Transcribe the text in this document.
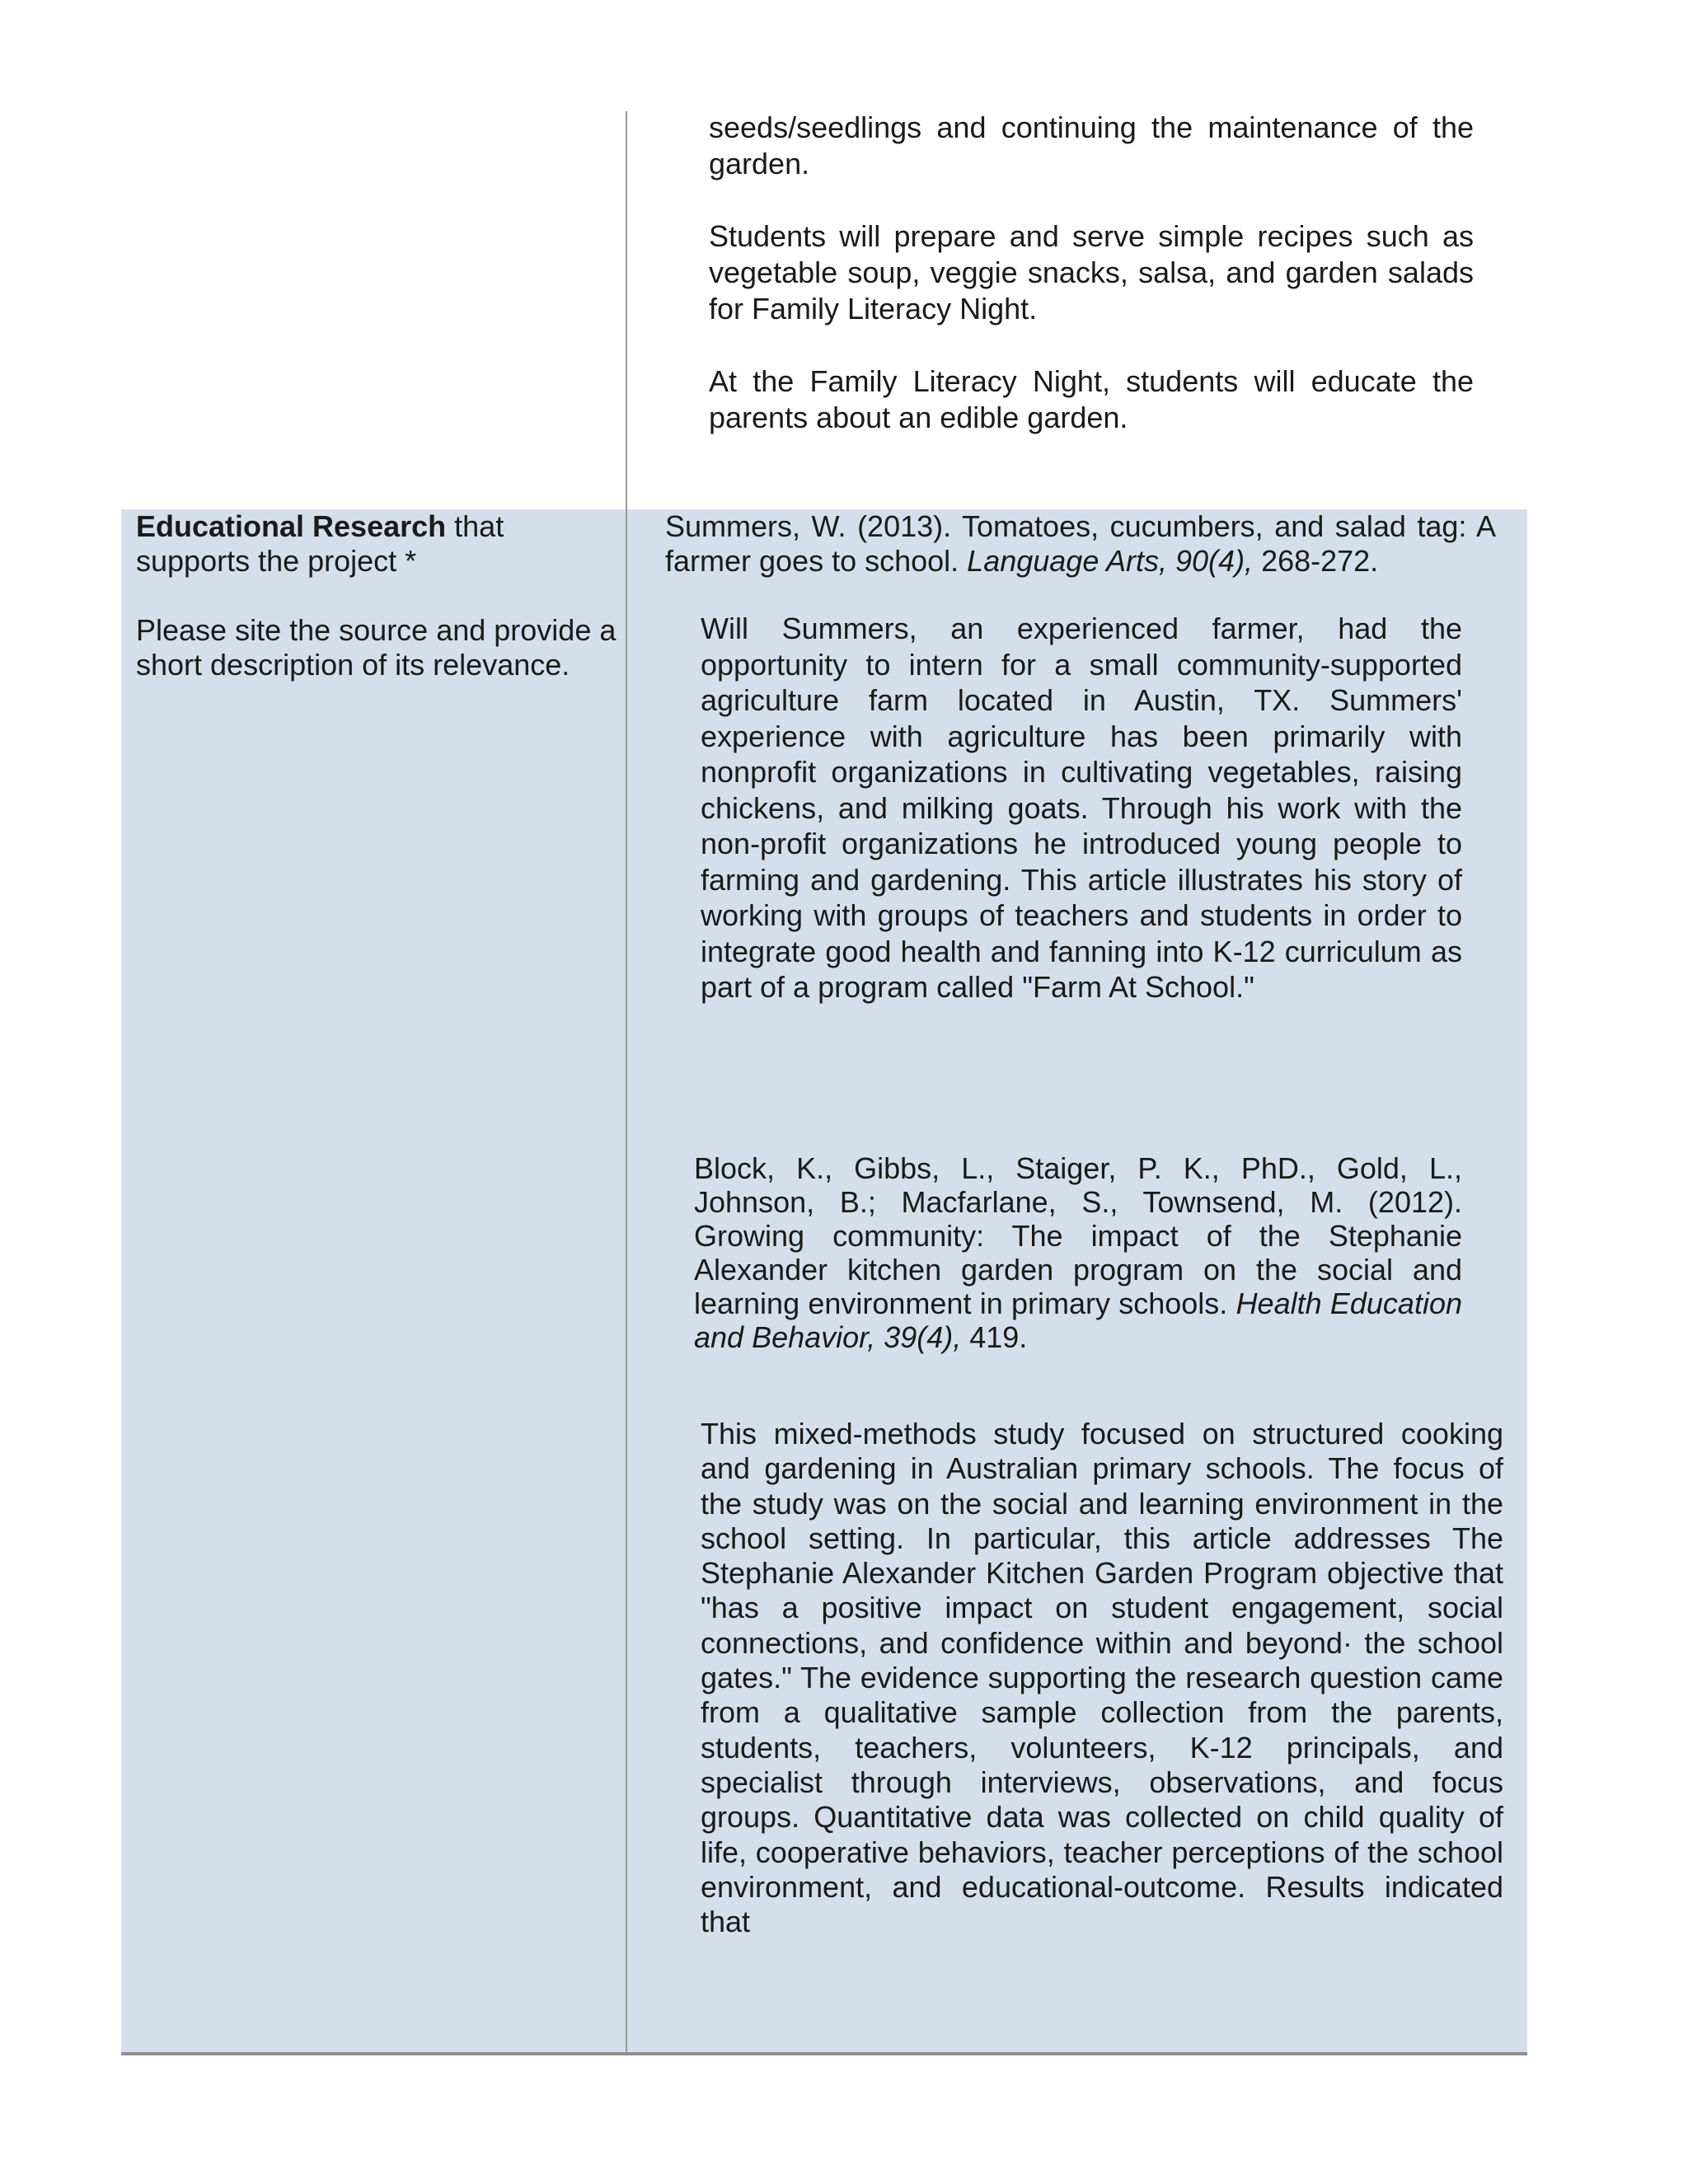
seeds/seedlings and continuing the maintenance of the garden.

Students will prepare and serve simple recipes such as vegetable soup, veggie snacks, salsa, and garden salads for Family Literacy Night.

At the Family Literacy Night, students will educate the parents about an edible garden.

Educational Research that supports the project *

Please site the source and provide a short description of its relevance.

Summers, W. (2013). Tomatoes, cucumbers, and salad tag: A farmer goes to school. Language Arts, 90(4), 268-272.

Will Summers, an experienced farmer, had the opportunity to intern for a small community-supported agriculture farm located in Austin, TX. Summers' experience with agriculture has been primarily with nonprofit organizations in cultivating vegetables, raising chickens, and milking goats. Through his work with the non-profit organizations he introduced young people to farming and gardening. This article illustrates his story of working with groups of teachers and students in order to integrate good health and fanning into K-12 curriculum as part of a program called "Farm At School."

Block, K., Gibbs, L., Staiger, P. K., PhD., Gold, L., Johnson, B.; Macfarlane, S., Townsend, M. (2012). Growing community: The impact of the Stephanie Alexander kitchen garden program on the social and learning environment in primary schools. Health Education and Behavior, 39(4), 419.

This mixed-methods study focused on structured cooking and gardening in Australian primary schools. The focus of the study was on the social and learning environment in the school setting. In particular, this article addresses The Stephanie Alexander Kitchen Garden Program objective that "has a positive impact on student engagement, social connections, and confidence within and beyond· the school gates." The evidence supporting the research question came from a qualitative sample collection from the parents, students, teachers, volunteers, K-12 principals, and specialist through interviews, observations, and focus groups. Quantitative data was collected on child quality of life, cooperative behaviors, teacher perceptions of the school environment, and educational-outcome. Results indicated that
